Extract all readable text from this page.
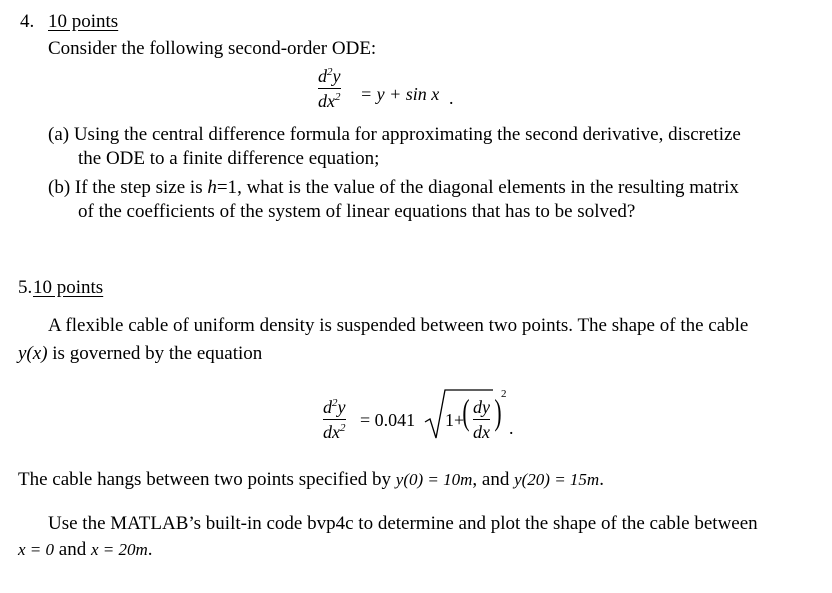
4. 10 points
Consider the following second-order ODE:
$d^2y$
$dx^2 = y + \sin x$ .
(a) Using the central difference formula for approximating the second derivative, discretize
the ODE to a finite difference equation;
(b) If the step size is h=1, what is the value of the diagonal elements in the resulting matrix
of the coefficients of the system of linear equations that has to be solved?
5. 10 points
A flexible cable of uniform density is suspended between two points. The shape of the cable
y(x) is governed by the equation
$d^2y$
$dx^2 = 0.041$ 1+
( dy
dx ) 2
.
The cable hangs between two points specified by y(0) = 10m, and y(20) = 15m.
Use the MATLAB’s built-in code bvp4c to determine and plot the shape of the cable between
x = 0 and x = 20m.
